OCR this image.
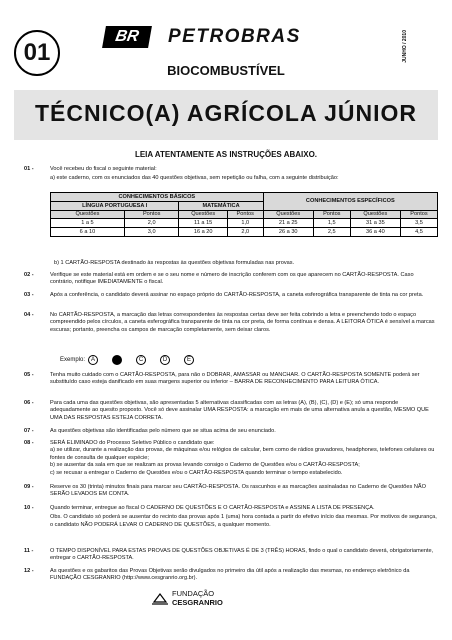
01
BR	PETROBRAS
BIOCOMBUSTÍVEL
JUNHO / 2010
TÉCNICO(A) AGRÍCOLA JÚNIOR
LEIA ATENTAMENTE AS INSTRUÇÕES ABAIXO.
01 -	Você recebeu do fiscal o seguinte material:
a) este caderno, com os enunciados das 40 questões objetivas, sem repetição ou falha, com a seguinte distribuição:
CONHECIMENTOS BÁSICOS				CONHECIMENTOS ESPECÍFICOS			
LÍNGUA PORTUGUESA I		MATEMÁTICA					
Questões	Pontos	Questões	Pontos	Questões	Pontos	Questões	Pontos
1 a 5	2,0	11 a 15	1,0	21 a 25	1,5	31 a 35	3,5
6 a 10	3,0	16 a 20	2,0	26 a 30	2,5	36 a 40	4,5
b) 1 CARTÃO-RESPOSTA destinado às respostas às questões objetivas formuladas nas provas.
02 -	Verifique se este material está em ordem e se o seu nome e número de inscrição conferem com os que aparecem no CARTÃO-RESPOSTA. Caso contrário, notifique IMEDIATAMENTE o fiscal.
03 -	Após a conferência, o candidato deverá assinar no espaço próprio do CARTÃO-RESPOSTA, a caneta esferográfica transparente de tinta na cor preta.
04 -	No CARTÃO-RESPOSTA, a marcação das letras correspondentes às respostas certas deve ser feita cobrindo a letra e preenchendo todo o espaço compreendido pelos círculos, a caneta esferográfica transparente de tinta na cor preta, de forma contínua e densa. A LEITORA ÓTICA é sensível a marcas escuras; portanto, preencha os campos de marcação completamente, sem deixar claros.
Exemplo: A	C	D	E
05 -	Tenha muito cuidado com o CARTÃO-RESPOSTA, para não o DOBRAR, AMASSAR ou MANCHAR. O CARTÃO-RESPOSTA SOMENTE poderá ser substituído caso esteja danificado em suas margens superior ou inferior – BARRA DE RECONHECIMENTO PARA LEITURA ÓTICA.
06 -	Para cada uma das questões objetivas, são apresentadas 5 alternativas classificadas com as letras (A), (B), (C), (D) e (E); só uma responde adequadamente ao quesito proposto. Você só deve assinalar UMA RESPOSTA: a marcação em mais de uma alternativa anula a questão, MESMO QUE UMA DAS RESPOSTAS ESTEJA CORRETA.
07 -	As questões objetivas são identificadas pelo número que se situa acima de seu enunciado.
08 -	SERÁ ELIMINADO do Processo Seletivo Público o candidato que:
a) se utilizar, durante a realização das provas, de máquinas e/ou relógios de calcular, bem como de rádios gravadores, headphones, telefones celulares ou fontes de consulta de qualquer espécie;
b) se ausentar da sala em que se realizam as provas levando consigo o Caderno de Questões e/ou o CARTÃO-RESPOSTA;
c) se recusar a entregar o Caderno de Questões e/ou o CARTÃO-RESPOSTA quando terminar o tempo estabelecido.
09 -	Reserve os 30 (trinta) minutos finais para marcar seu CARTÃO-RESPOSTA. Os rascunhos e as marcações assinaladas no Caderno de Questões NÃO SERÃO LEVADOS EM CONTA.
10 -	Quando terminar, entregue ao fiscal O CADERNO DE QUESTÕES E O CARTÃO-RESPOSTA e ASSINE A LISTA DE PRESENÇA.
Obs. O candidato só poderá se ausentar do recinto das provas após 1 (uma) hora contada a partir do efetivo início das mesmas. Por motivos de segurança, o candidato NÃO PODERÁ LEVAR O CADERNO DE QUESTÕES, a qualquer momento.
11 -	O TEMPO DISPONÍVEL PARA ESTAS PROVAS DE QUESTÕES OBJETIVAS É DE 3 (TRÊS) HORAS, findo o qual o candidato deverá, obrigatoriamente, entregar o CARTÃO-RESPOSTA.
12 -	As questões e os gabaritos das Provas Objetivas serão divulgados no primeiro dia útil após a realização das mesmas, no endereço eletrônico da FUNDAÇÃO CESGRANRIO (http://www.cesgranrio.org.br).
FUNDAÇÃO
CESGRANRIO
